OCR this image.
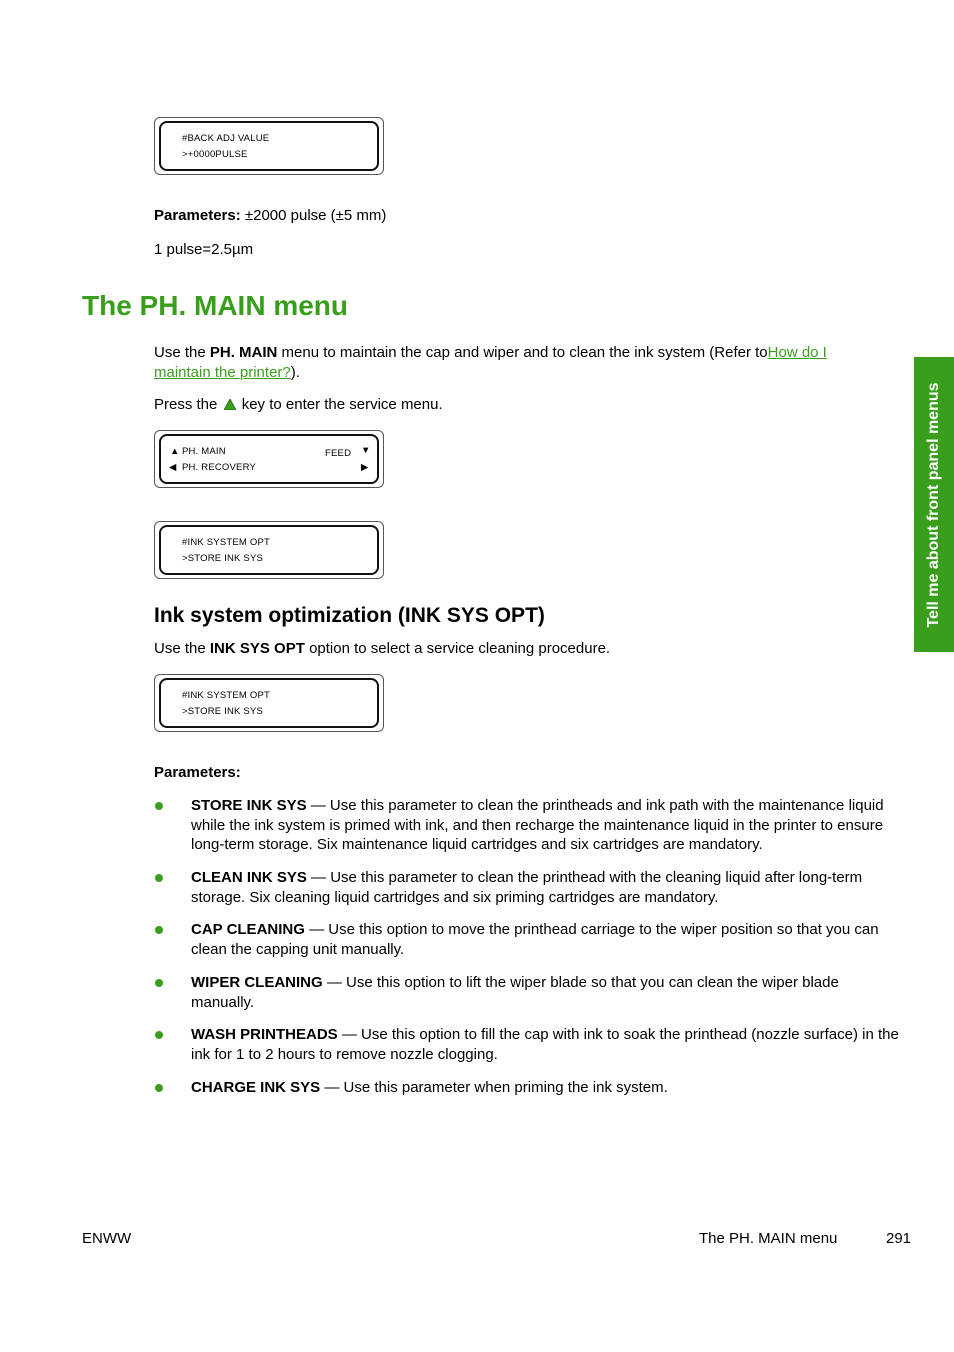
#BACK ADJ VALUE
>+0000PULSE
Parameters: ±2000 pulse (±5 mm)
1 pulse=2.5µm
The PH. MAIN menu
Use the PH. MAIN menu to maintain the cap and wiper and to clean the ink system (Refer toHow do I
maintain the printer?).
Press the  key to enter the service menu.
▲ PH. MAIN	FEED ▼
◀ PH. RECOVERY	▶
#INK SYSTEM OPT
>STORE INK SYS
Ink system optimization (INK SYS OPT)
Use the INK SYS OPT option to select a service cleaning procedure.
#INK SYSTEM OPT
>STORE INK SYS
Parameters:
STORE INK SYS — Use this parameter to clean the printheads and ink path with the maintenance liquid while the ink system is primed with ink, and then recharge the maintenance liquid in the printer to ensure long-term storage. Six maintenance liquid cartridges and six cartridges are mandatory.
CLEAN INK SYS — Use this parameter to clean the printhead with the cleaning liquid after long-term storage. Six cleaning liquid cartridges and six priming cartridges are mandatory.
CAP CLEANING — Use this option to move the printhead carriage to the wiper position so that you can clean the capping unit manually.
WIPER CLEANING — Use this option to lift the wiper blade so that you can clean the wiper blade manually.
WASH PRINTHEADS — Use this option to fill the cap with ink to soak the printhead (nozzle surface) in the ink for 1 to 2 hours to remove nozzle clogging.
CHARGE INK SYS — Use this parameter when priming the ink system.
Tell me about front panel menus
ENWW	The PH. MAIN menu	291
